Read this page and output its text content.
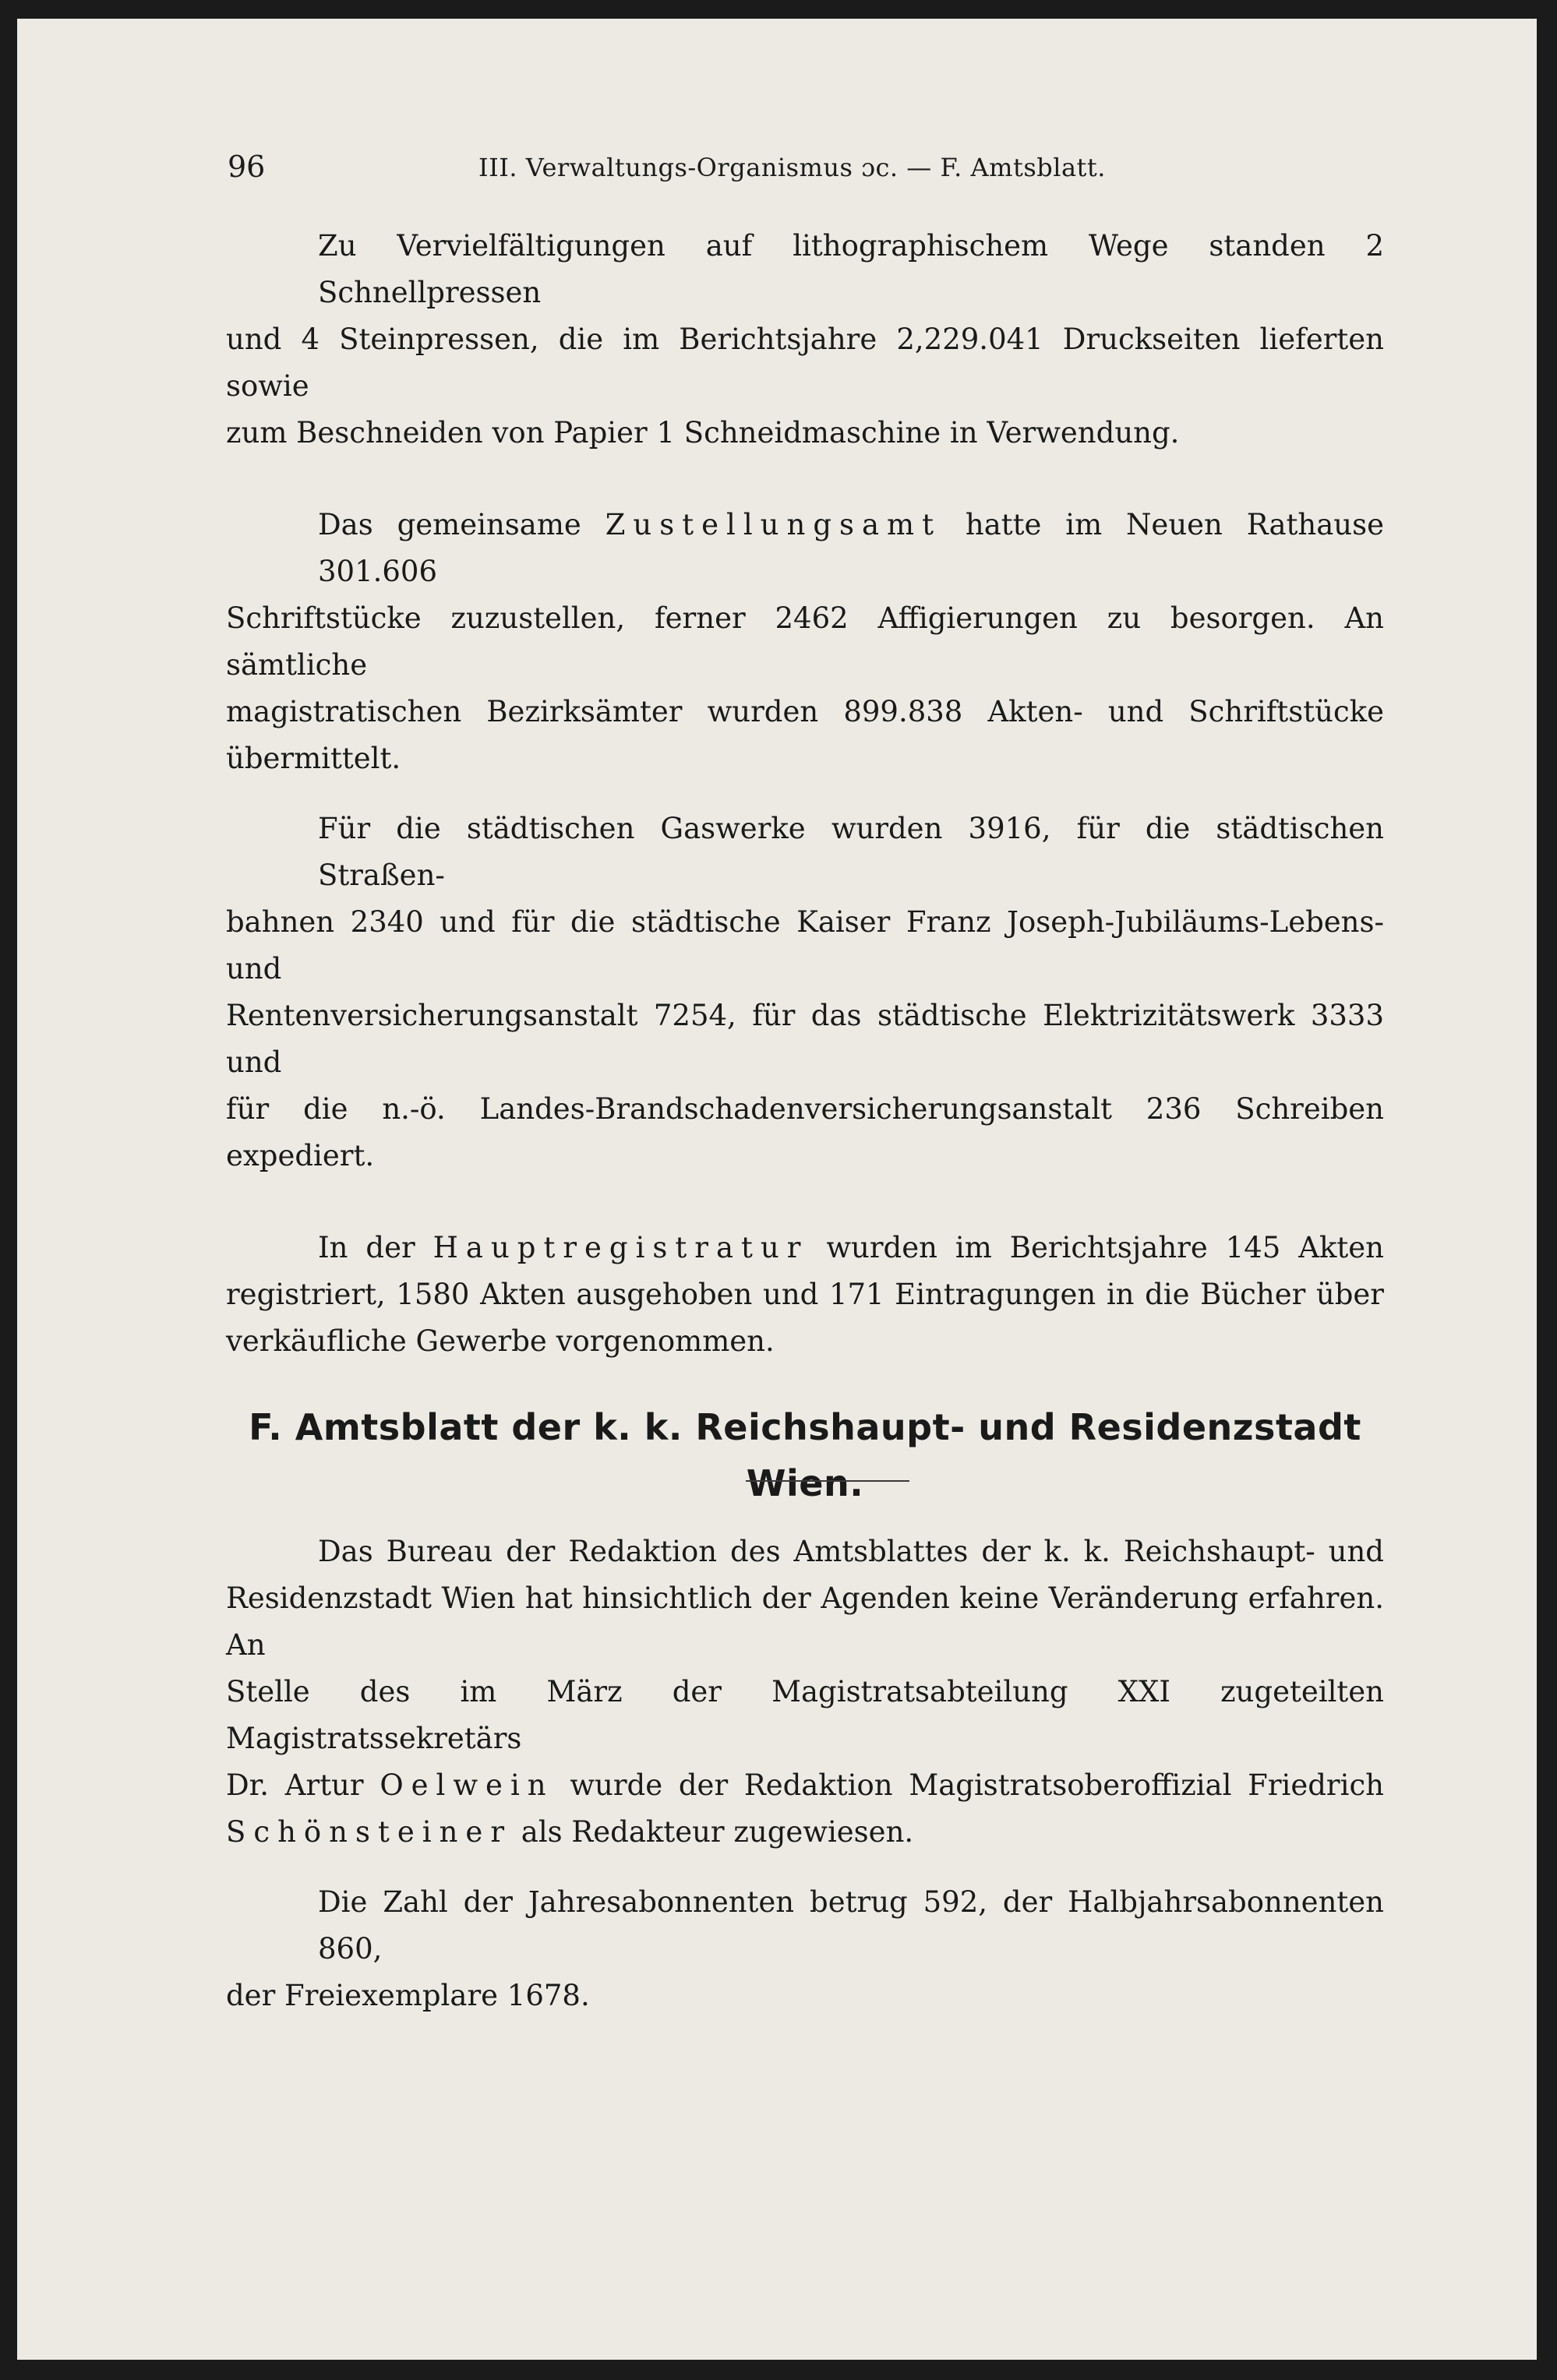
96	III. Verwaltungs-Organismus ɔc. — F. Amtsblatt.

Zu Vervielfältigungen auf lithographischem Wege standen 2 Schnellpressen
und 4 Steinpressen, die im Berichtsjahre 2,229.041 Druckseiten lieferten sowie
zum Beschneiden von Papier 1 Schneidmaschine in Verwendung.

Das gemeinsame Zustellungsamt hatte im Neuen Rathause 301.606
Schriftstücke zuzustellen, ferner 2462 Affigierungen zu besorgen. An sämtliche
magistratischen Bezirksämter wurden 899.838 Akten- und Schriftstücke übermittelt.

Für die städtischen Gaswerke wurden 3916, für die städtischen Straßen-
bahnen 2340 und für die städtische Kaiser Franz Joseph-Jubiläums-Lebens- und
Rentenversicherungsanstalt 7254, für das städtische Elektrizitätswerk 3333 und
für die n.-ö. Landes-Brandschadenversicherungsanstalt 236 Schreiben expediert.

In der Hauptregistratur wurden im Berichtsjahre 145 Akten
registriert, 1580 Akten ausgehoben und 171 Eintragungen in die Bücher über
verkäufliche Gewerbe vorgenommen.

F. Amtsblatt der k. k. Reichshaupt- und Residenzstadt Wien.

Das Bureau der Redaktion des Amtsblattes der k. k. Reichshaupt- und
Residenzstadt Wien hat hinsichtlich der Agenden keine Veränderung erfahren. An
Stelle des im März der Magistratsabteilung XXI zugeteilten Magistratssekretärs
Dr. Artur Oelwein wurde der Redaktion Magistratsoberoffizial Friedrich
Schönsteiner als Redakteur zugewiesen.

Die Zahl der Jahresabonnenten betrug 592, der Halbjahrsabonnenten 860,
der Freiexemplare 1678.
